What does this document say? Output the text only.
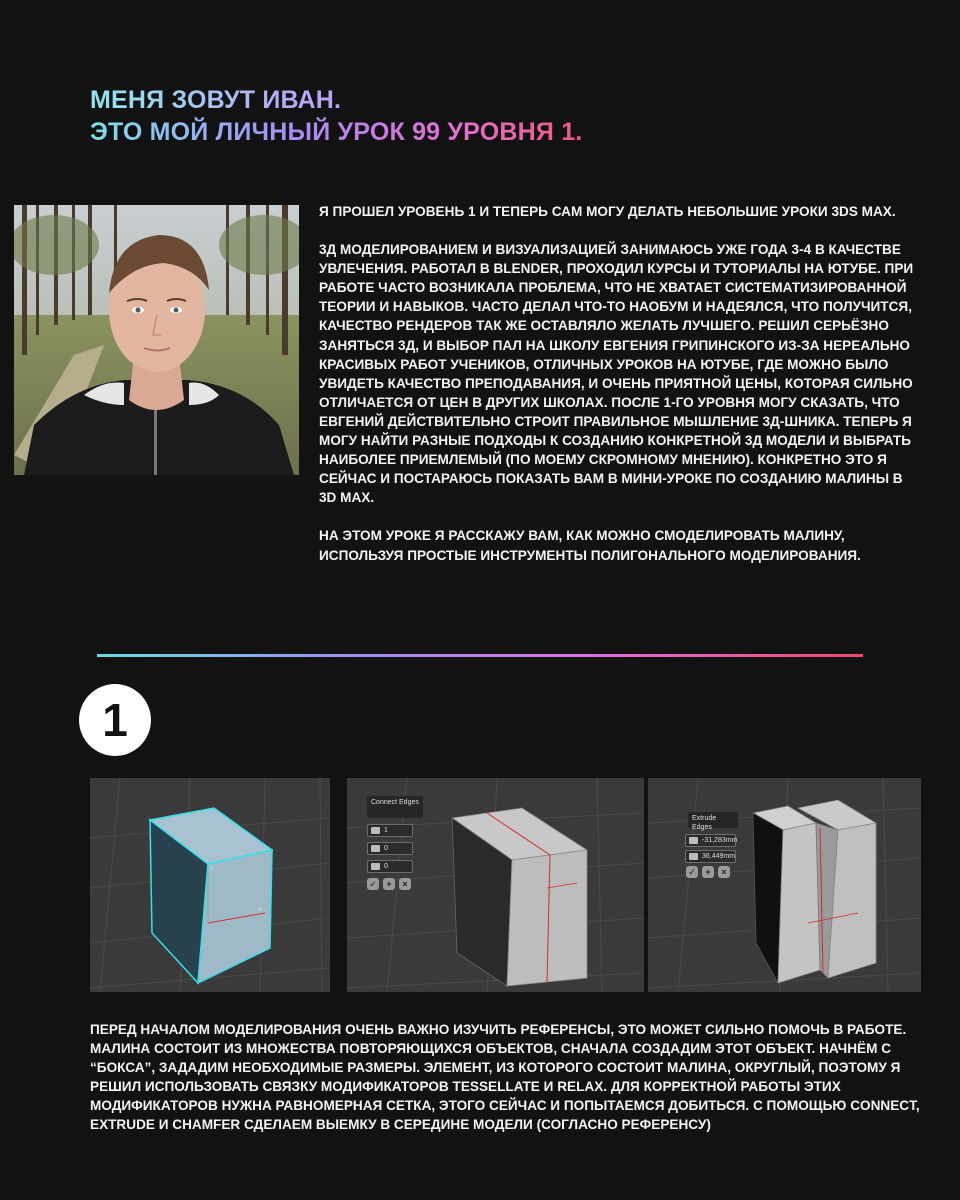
МЕНЯ ЗОВУТ ИВАН.
ЭТО МОЙ ЛИЧНЫЙ УРОК 99 УРОВНЯ 1.

Я ПРОШЕЛ УРОВЕНЬ 1 И ТЕПЕРЬ САМ МОГУ ДЕЛАТЬ НЕБОЛЬШИЕ УРОКИ 3DS MAX.

3Д МОДЕЛИРОВАНИЕМ И ВИЗУАЛИЗАЦИЕЙ ЗАНИМАЮСЬ УЖЕ ГОДА 3-4 В КАЧЕСТВЕ УВЛЕЧЕНИЯ. РАБОТАЛ В BLENDER, ПРОХОДИЛ КУРСЫ И ТУТОРИАЛЫ НА ЮТУБЕ. ПРИ РАБОТЕ ЧАСТО ВОЗНИКАЛА ПРОБЛЕМА, ЧТО НЕ ХВАТАЕТ СИСТЕМАТИЗИРОВАННОЙ ТЕОРИИ И НАВЫКОВ. ЧАСТО ДЕЛАЛ ЧТО-ТО НАОБУМ И НАДЕЯЛСЯ, ЧТО ПОЛУЧИТСЯ, КАЧЕСТВО РЕНДЕРОВ ТАК ЖЕ ОСТАВЛЯЛО ЖЕЛАТЬ ЛУЧШЕГО. РЕШИЛ СЕРЬЁЗНО ЗАНЯТЬСЯ 3Д, И ВЫБОР ПАЛ НА ШКОЛУ ЕВГЕНИЯ ГРИПИНСКОГО ИЗ-ЗА НЕРЕАЛЬНО КРАСИВЫХ РАБОТ УЧЕНИКОВ, ОТЛИЧНЫХ УРОКОВ НА ЮТУБЕ, ГДЕ МОЖНО БЫЛО УВИДЕТЬ КАЧЕСТВО ПРЕПОДАВАНИЯ, И ОЧЕНЬ ПРИЯТНОЙ ЦЕНЫ, КОТОРАЯ СИЛЬНО ОТЛИЧАЕТСЯ ОТ ЦЕН В ДРУГИХ ШКОЛАХ. ПОСЛЕ 1-ГО УРОВНЯ МОГУ СКАЗАТЬ, ЧТО ЕВГЕНИЙ ДЕЙСТВИТЕЛЬНО СТРОИТ ПРАВИЛЬНОЕ МЫШЛЕНИЕ 3Д-ШНИКА. ТЕПЕРЬ Я МОГУ НАЙТИ РАЗНЫЕ ПОДХОДЫ К СОЗДАНИЮ КОНКРЕТНОЙ 3Д МОДЕЛИ И ВЫБРАТЬ НАИБОЛЕЕ ПРИЕМЛЕМЫЙ (ПО МОЕМУ СКРОМНОМУ МНЕНИЮ). КОНКРЕТНО ЭТО Я СЕЙЧАС И ПОСТАРАЮСЬ ПОКАЗАТЬ ВАМ В МИНИ-УРОКЕ ПО СОЗДАНИЮ МАЛИНЫ В 3D MAX.

НА ЭТОМ УРОКЕ Я РАССКАЖУ ВАМ, КАК МОЖНО СМОДЕЛИРОВАТЬ МАЛИНУ, ИСПОЛЬЗУЯ ПРОСТЫЕ ИНСТРУМЕНТЫ ПОЛИГОНАЛЬНОГО МОДЕЛИРОВАНИЯ.

1
z
x
Connect Edges
1
0
0
✓	+	×
Extrude Edges
-31,283mm
36,449mm
✓	+	×
ПЕРЕД НАЧАЛОМ МОДЕЛИРОВАНИЯ ОЧЕНЬ ВАЖНО ИЗУЧИТЬ РЕФЕРЕНСЫ, ЭТО МОЖЕТ СИЛЬНО ПОМОЧЬ В РАБОТЕ. МАЛИНА СОСТОИТ ИЗ МНОЖЕСТВА ПОВТОРЯЮЩИХСЯ ОБЪЕКТОВ, СНАЧАЛА СОЗДАДИМ ЭТОТ ОБЪЕКТ. НАЧНЁМ С “БОКСА”, ЗАДАДИМ НЕОБХОДИМЫЕ РАЗМЕРЫ. ЭЛЕМЕНТ, ИЗ КОТОРОГО СОСТОИТ МАЛИНА, ОКРУГЛЫЙ, ПОЭТОМУ Я РЕШИЛ ИСПОЛЬЗОВАТЬ СВЯЗКУ МОДИФИКАТОРОВ TESSELLATE И RELAX. ДЛЯ КОРРЕКТНОЙ РАБОТЫ ЭТИХ МОДИФИКАТОРОВ НУЖНА РАВНОМЕРНАЯ СЕТКА, ЭТОГО СЕЙЧАС И ПОПЫТАЕМСЯ ДОБИТЬСЯ. С ПОМОЩЬЮ CONNECT, EXTRUDE И CHAMFER СДЕЛАЕМ ВЫЕМКУ В СЕРЕДИНЕ МОДЕЛИ (СОГЛАСНО РЕФЕРЕНСУ)
